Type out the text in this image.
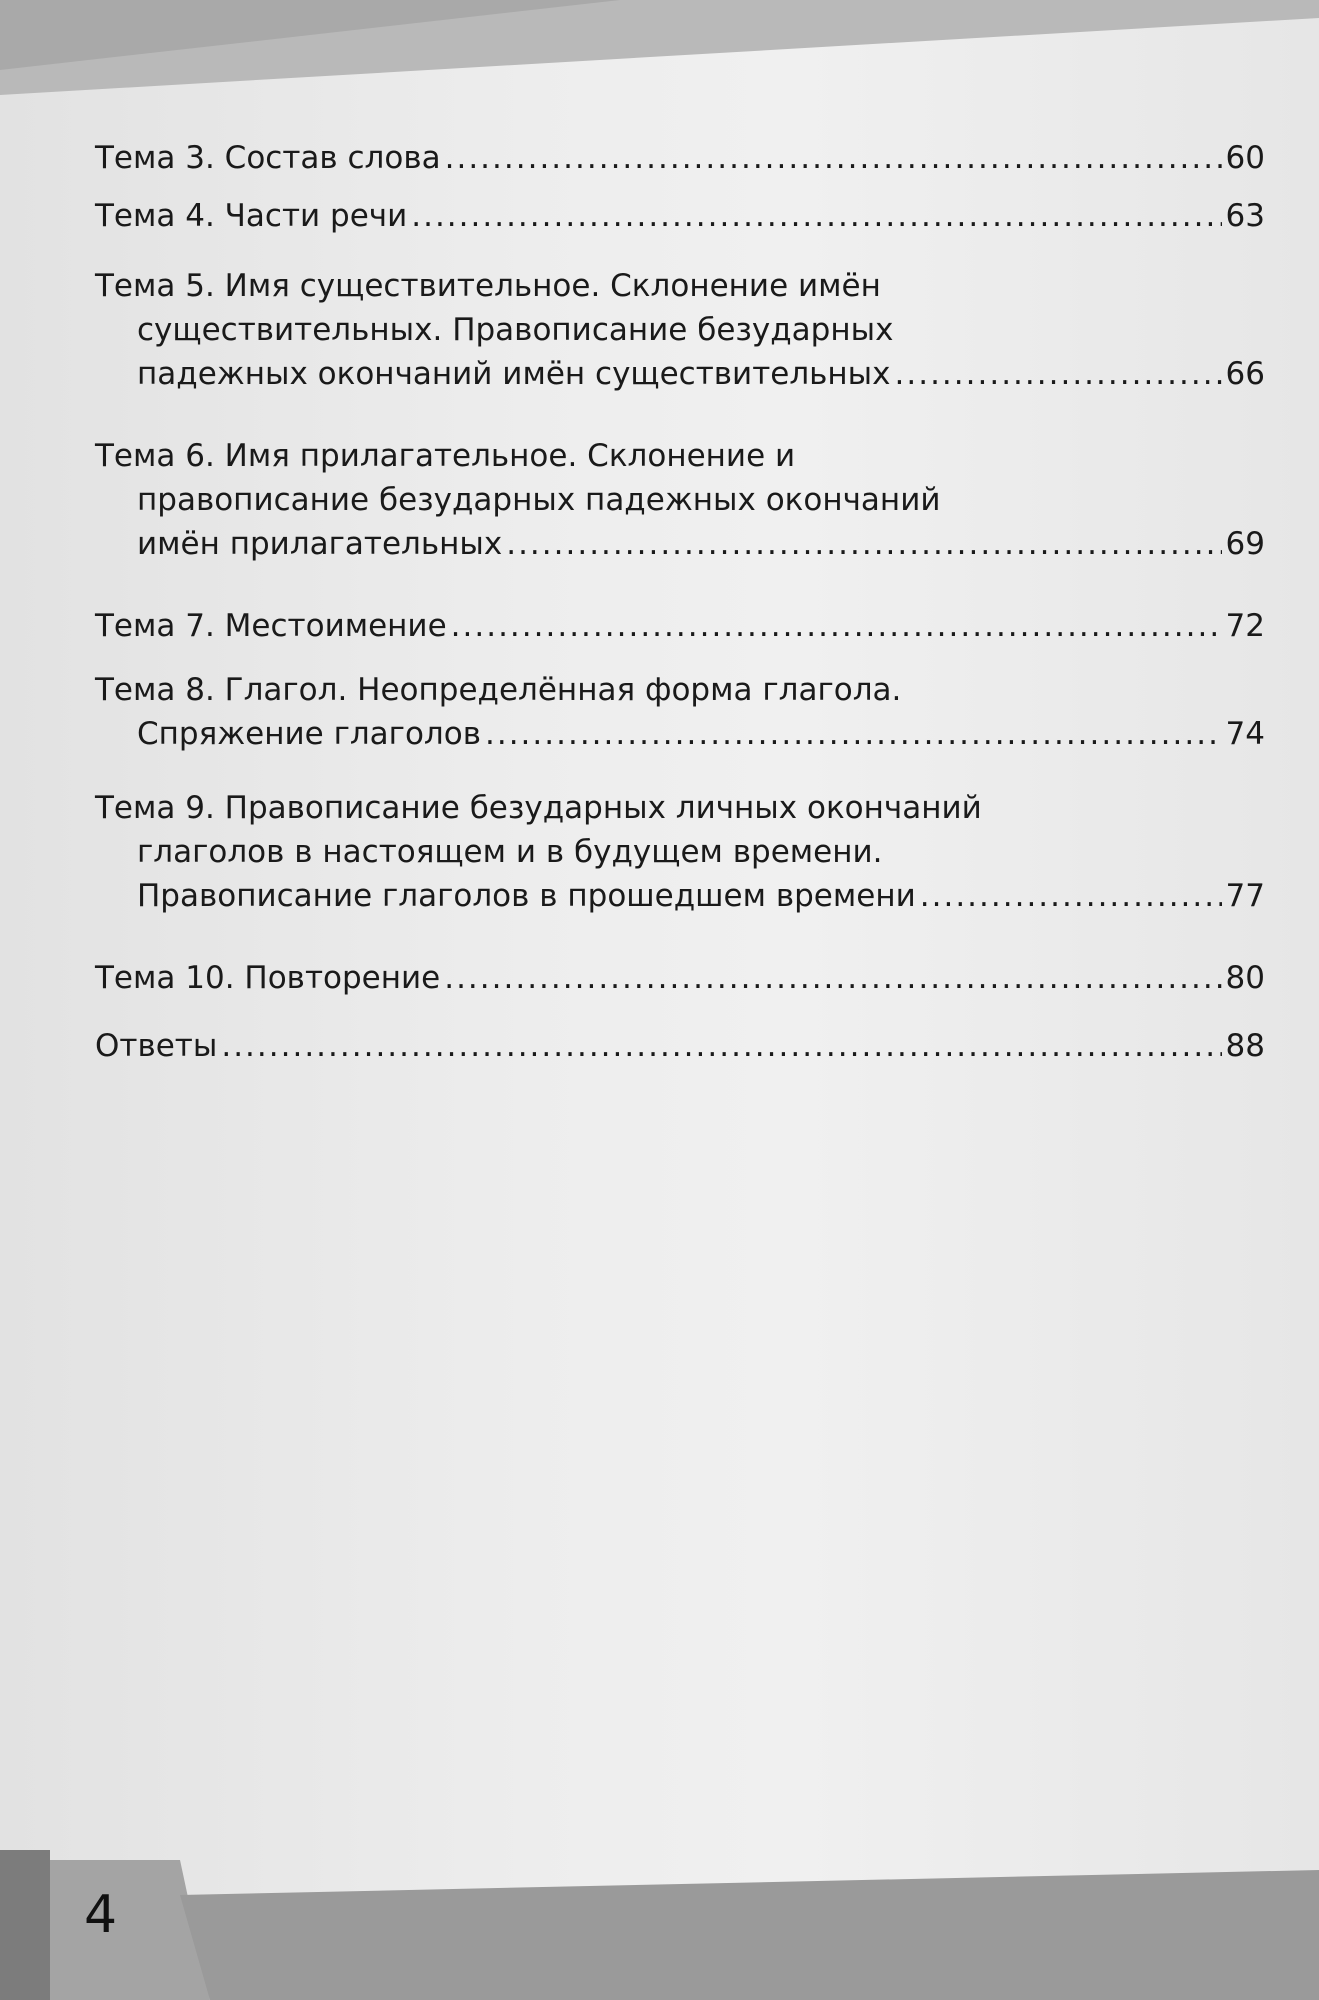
Тема 3. Состав слова .....	60
Тема 4. Части речи .....	63
Тема 5. Имя существительное. Склонение имён
существительных. Правописание безударных
падежных окончаний имён существительных .....	66
Тема 6. Имя прилагательное. Склонение и
правописание безударных падежных окончаний
имён прилагательных .....	69
Тема 7. Местоимение .....	72
Тема 8. Глагол. Неопределённая форма глагола.
Спряжение глаголов .....	74
Тема 9. Правописание безударных личных окончаний
глаголов в настоящем и в будущем времени.
Правописание глаголов в прошедшем времени .....	77
Тема 10. Повторение .....	80
Ответы .....	88
4
